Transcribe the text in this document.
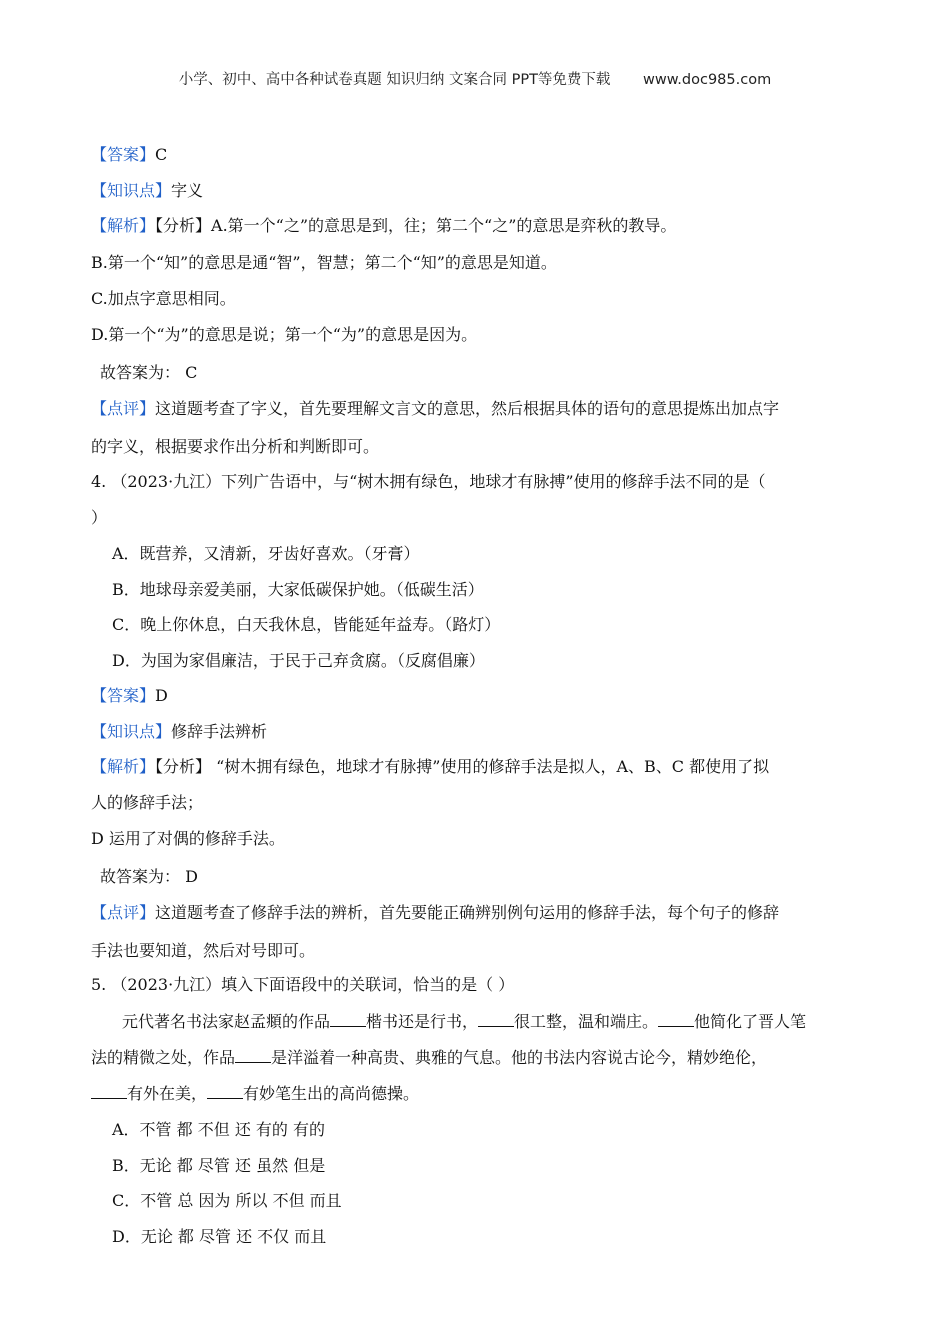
小学、初中、高中各种试卷真题 知识归纳 文案合同 PPT等免费下载 www.doc985.com
【答案】C
【知识点】字义
【解析】【分析】A.第一个“之”的意思是到，往；第二个“之”的意思是弈秋的教导。
B.第一个“知”的意思是通“智”，智慧；第二个“知”的意思是知道。
C.加点字意思相同。
D.第一个“为”的意思是说；第一个“为”的意思是因为。
故答案为： C
【点评】这道题考查了字义，首先要理解文言文的意思，然后根据具体的语句的意思提炼出加点字
的字义，根据要求作出分析和判断即可。
4. （2023·九江）下列广告语中，与“树木拥有绿色，地球才有脉搏”使用的修辞手法不同的是（
）
A．既营养，又清新，牙齿好喜欢。（牙膏）
B．地球母亲爱美丽，大家低碳保护她。（低碳生活）
C．晚上你休息，白天我休息，皆能延年益寿。（路灯）
D．为国为家倡廉洁，于民于己弃贪腐。（反腐倡廉）
【答案】D
【知识点】修辞手法辨析
【解析】【分析】 “树木拥有绿色，地球才有脉搏”使用的修辞手法是拟人，A、B、C 都使用了拟
人的修辞手法；
D 运用了对偶的修辞手法。
故答案为： D
【点评】这道题考查了修辞手法的辨析，首先要能正确辨别例句运用的修辞手法，每个句子的修辞
手法也要知道，然后对号即可。
5. （2023·九江）填入下面语段中的关联词，恰当的是（ ）
元代著名书法家赵孟頫的作品 楷书还是行书， 很工整，温和端庄。 他简化了晋人笔
法的精微之处，作品 是洋溢着一种高贵、典雅的气息。他的书法内容说古论今，精妙绝伦，
有外在美， 有妙笔生出的高尚德操。
A．不管 都 不但 还 有的 有的
B．无论 都 尽管 还 虽然 但是
C．不管 总 因为 所以 不但 而且
D．无论 都 尽管 还 不仅 而且
